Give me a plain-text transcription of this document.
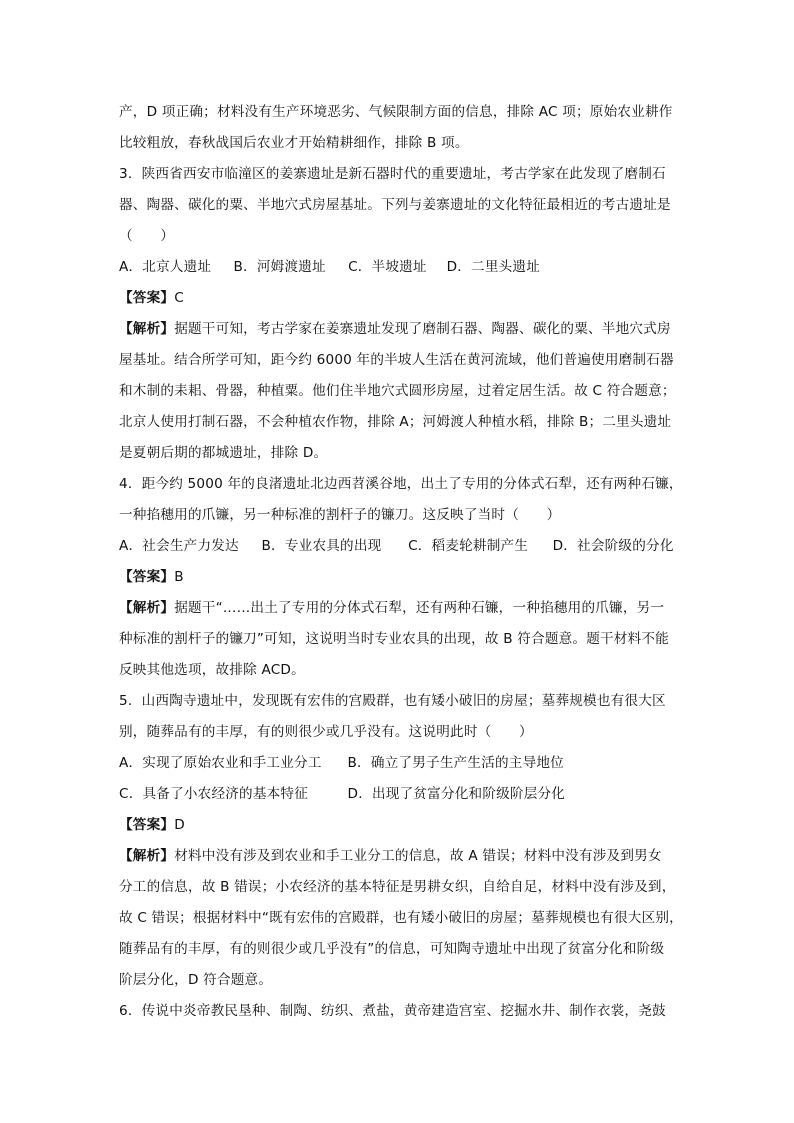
产，D 项正确；材料没有生产环境恶劣、气候限制方面的信息，排除 AC 项；原始农业耕作
比较粗放，春秋战国后农业才开始精耕细作，排除 B 项。
3．陕西省西安市临潼区的姜寨遗址是新石器时代的重要遗址，考古学家在此发现了磨制石
器、陶器、碳化的粟、半地穴式房屋基址。下列与姜寨遗址的文化特征最相近的考古遗址是
（　　）
A．北京人遗址 B．河姆渡遗址 C．半坡遗址 D．二里头遗址
【答案】C
【解析】据题干可知，考古学家在姜寨遗址发现了磨制石器、陶器、碳化的粟、半地穴式房
屋基址。结合所学可知，距今约 6000 年的半坡人生活在黄河流域，他们普遍使用磨制石器
和木制的耒耜、骨器，种植粟。他们住半地穴式圆形房屋，过着定居生活。故 C 符合题意；
北京人使用打制石器，不会种植农作物，排除 A；河姆渡人种植水稻，排除 B；二里头遗址
是夏朝后期的都城遗址，排除 D。
4．距今约 5000 年的良渚遗址北边西苕溪谷地，出土了专用的分体式石犁，还有两种石镰，
一种掐穗用的爪镰，另一种标准的割杆子的镰刀。这反映了当时（　　）
A．社会生产力发达 B．专业农具的出现 C．稻麦轮耕制产生 D．社会阶级的分化
【答案】B
【解析】据题干“……出土了专用的分体式石犁，还有两种石镰，一种掐穗用的爪镰，另一
种标准的割杆子的镰刀”可知，这说明当时专业农具的出现，故 B 符合题意。题干材料不能
反映其他选项，故排除 ACD。
5．山西陶寺遗址中，发现既有宏伟的宫殿群，也有矮小破旧的房屋；墓葬规模也有很大区
别，随葬品有的丰厚，有的则很少或几乎没有。这说明此时（　　）
A．实现了原始农业和手工业分工 B．确立了男子生产生活的主导地位
C．具备了小农经济的基本特征	D．出现了贫富分化和阶级阶层分化
【答案】D
【解析】材料中没有涉及到农业和手工业分工的信息，故 A 错误；材料中没有涉及到男女
分工的信息，故 B 错误；小农经济的基本特征是男耕女织，自给自足，材料中没有涉及到，
故 C 错误；根据材料中“既有宏伟的宫殿群，也有矮小破旧的房屋；墓葬规模也有很大区别，
随葬品有的丰厚，有的则很少或几乎没有”的信息，可知陶寺遗址中出现了贫富分化和阶级
阶层分化，D 符合题意。
6．传说中炎帝教民垦种、制陶、纺织、煮盐，黄帝建造宫室、挖掘水井、制作衣裳，尧鼓
